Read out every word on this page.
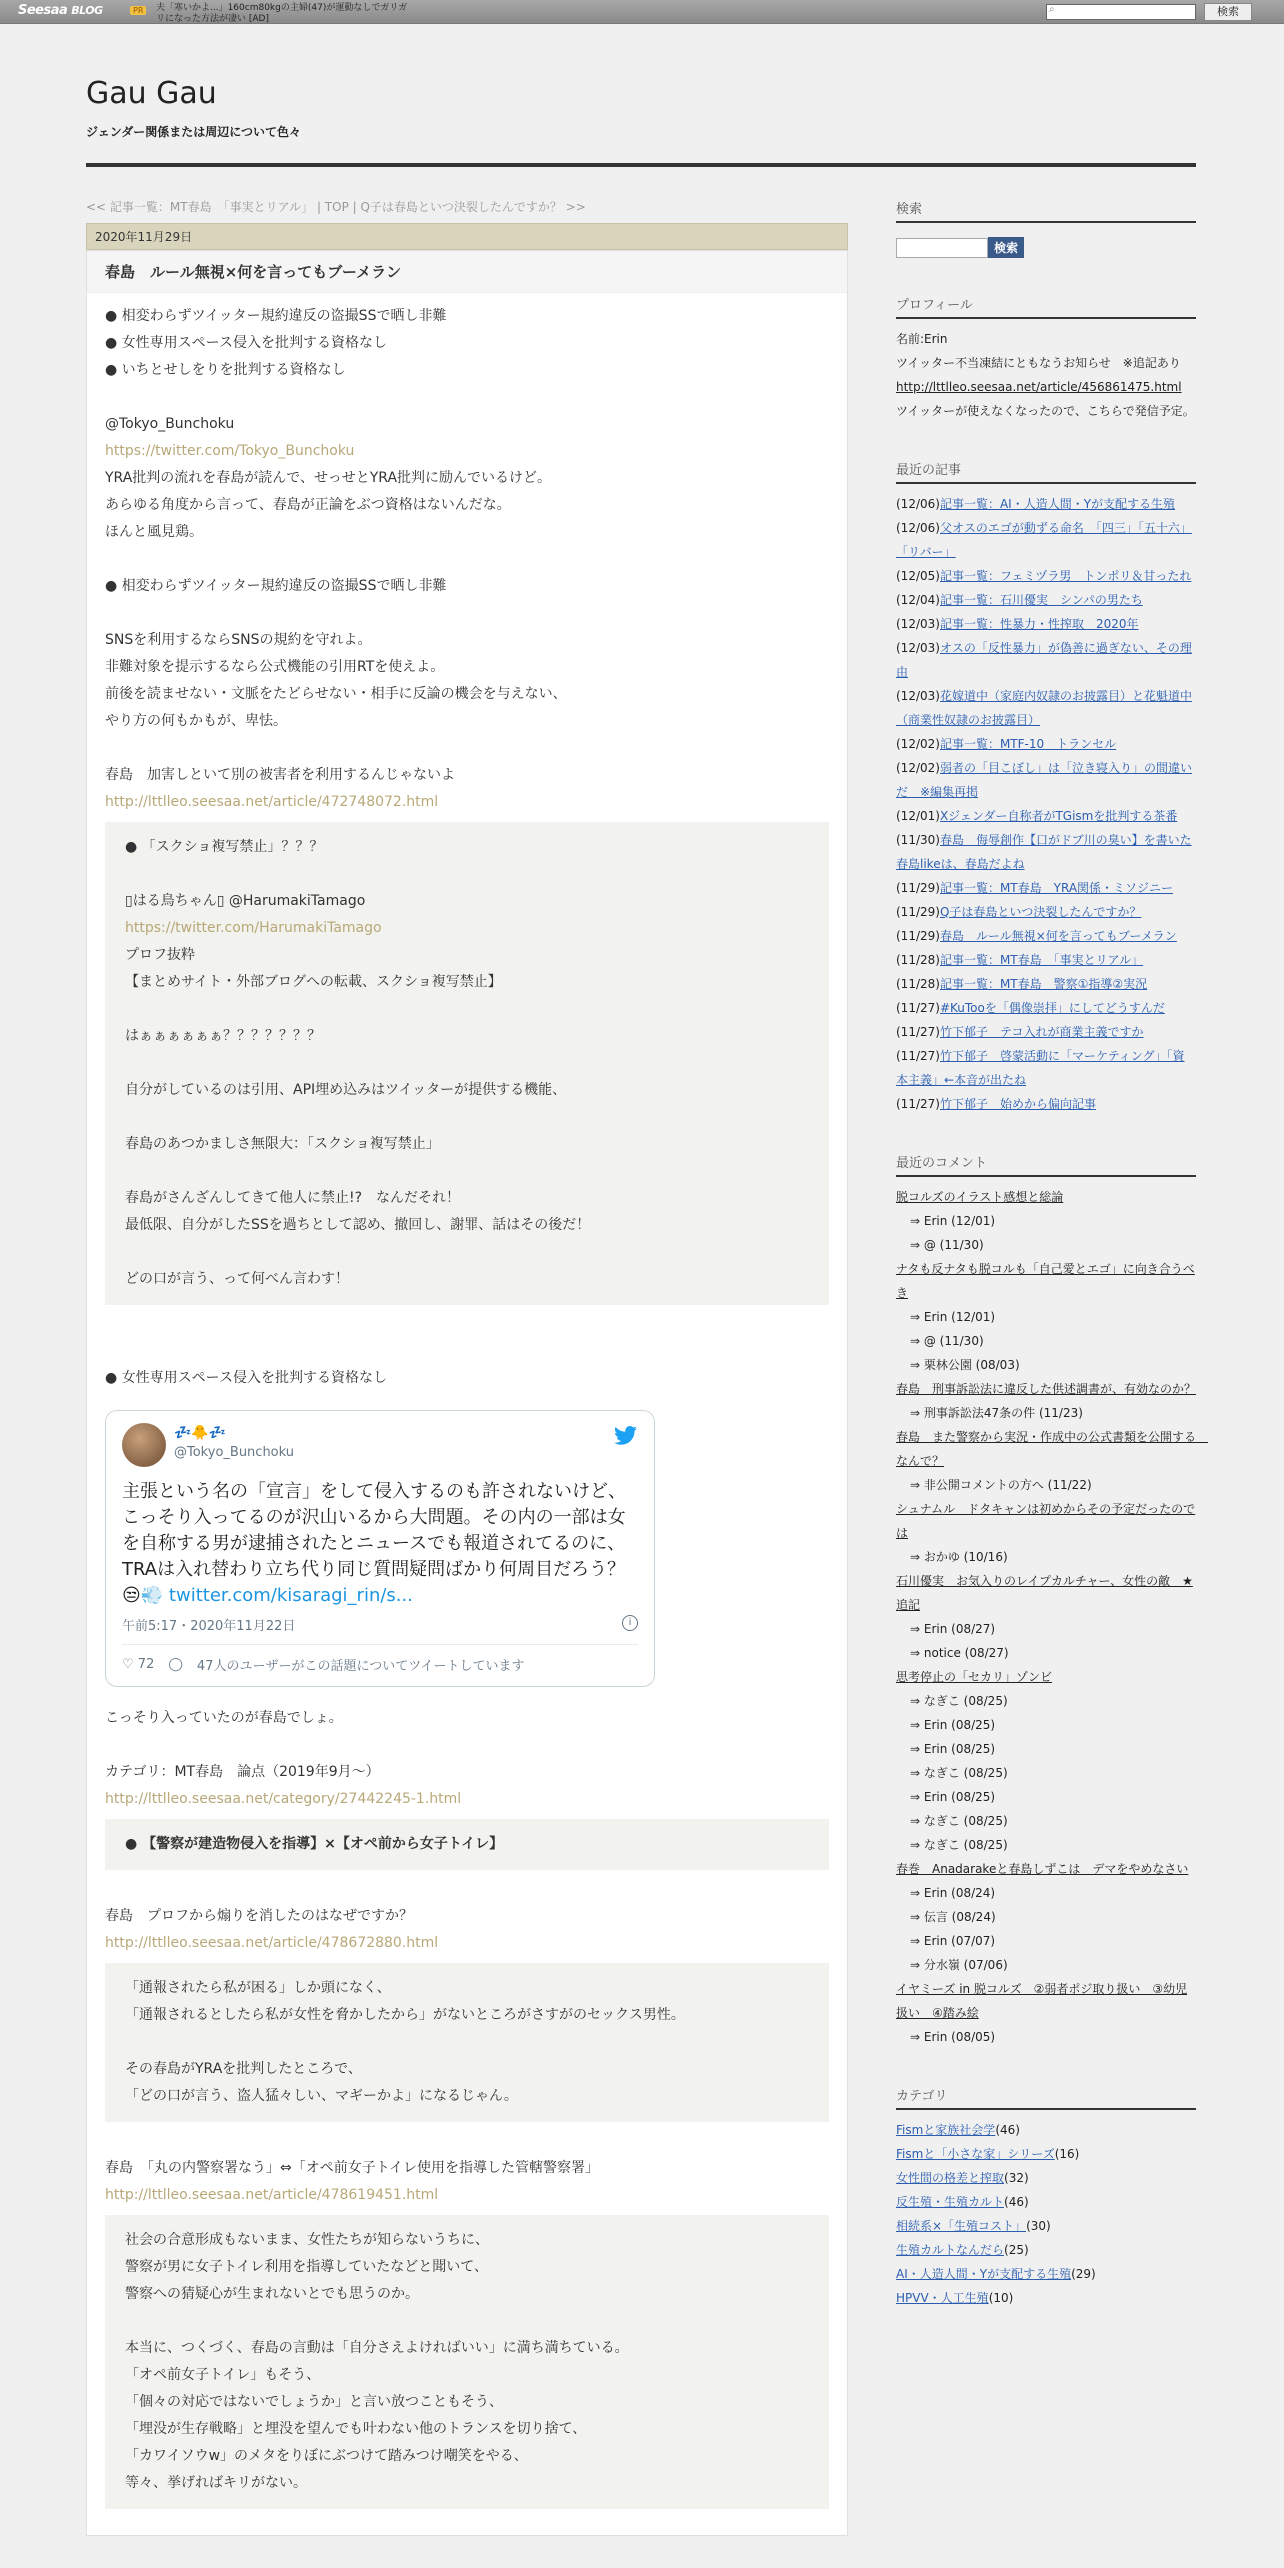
Seesaa BLOG	PR	夫「寒いかよ...」160cm80kgの主婦(47)が運動なしでガリガリになった方法が凄い [AD]
⌕	検索
Gau Gau
ジェンダー関係または周辺について色々
<< 記事一覧：MT春島　「事実とリアル」 | TOP | Q子は春島といつ決裂したんですか？ >>
2020年11月29日
春島　ルール無視×何を言ってもブーメラン
● 相変わらずツイッター規約違反の盗撮SSで晒し非難
● 女性専用スペース侵入を批判する資格なし
● いちとせしをりを批判する資格なし
@Tokyo_Bunchoku
https://twitter.com/Tokyo_Bunchoku
YRA批判の流れを春島が読んで、せっせとYRA批判に励んでいるけど。
あらゆる角度から言って、春島が正論をぶつ資格はないんだな。
ほんと風見鶏。
● 相変わらずツイッター規約違反の盗撮SSで晒し非難
SNSを利用するならSNSの規約を守れよ。
非難対象を提示するなら公式機能の引用RTを使えよ。
前後を読ませない・文脈をたどらせない・相手に反論の機会を与えない、
やり方の何もかもが、卑怯。
春島　加害しといて別の被害者を利用するんじゃないよ
http://lttlleo.seesaa.net/article/472748072.html
● 「スクショ複写禁止」？？？

▯はる鳥ちゃん▯ @HarumakiTamago
https://twitter.com/HarumakiTamago
プロフ抜粋
【まとめサイト・外部ブログへの転載、スクショ複写禁止】

はぁぁぁぁぁぁ？？？？？？？

自分がしているのは引用、API埋め込みはツイッターが提供する機能、

春島のあつかましさ無限大：「スクショ複写禁止」

春島がさんざんしてきて他人に禁止!?　なんだそれ！
最低限、自分がしたSSを過ちとして認め、撤回し、謝罪、話はその後だ！

どの口が言う、って何べん言わす！
● 女性専用スペース侵入を批判する資格なし
💤🐥💤
@Tokyo_Bunchoku
主張という名の「宣言」をして侵入するのも許されないけど、こっそり入ってるのが沢山いるから大問題。その内の一部は女を自称する男が逮捕されたとニュースでも報道されてるのに、TRAは入れ替わり立ち代り同じ質問疑問ばかり何周目だろう？😒💨 twitter.com/kisaragi_rin/s...
午前5:17・2020年11月22日	i
♡ 72 ◯ 47人のユーザーがこの話題についてツイートしています
こっそり入っていたのが春島でしょ。
カテゴリ：MT春島　論点（2019年9月～）
http://lttlleo.seesaa.net/category/27442245-1.html
● 【警察が建造物侵入を指導】×【オペ前から女子トイレ】
春島　プロフから煽りを消したのはなぜですか？
http://lttlleo.seesaa.net/article/478672880.html
「通報されたら私が困る」しか頭になく、
「通報されるとしたら私が女性を脅かしたから」がないところがさすがのセックス男性。

その春島がYRAを批判したところで、
「どの口が言う、盗人猛々しい、マギーかよ」になるじゃん。
春島　「丸の内警察署なう」⇔「オペ前女子トイレ使用を指導した管轄警察署」
http://lttlleo.seesaa.net/article/478619451.html
社会の合意形成もないまま、女性たちが知らないうちに、
警察が男に女子トイレ利用を指導していたなどと聞いて、
警察への猜疑心が生まれないとでも思うのか。

本当に、つくづく、春島の言動は「自分さえよければいい」に満ち満ちている。
「オペ前女子トイレ」もそう、
「個々の対応ではないでしょうか」と言い放つこともそう、
「埋没が生存戦略」と埋没を望んでも叶わない他のトランスを切り捨て、
「カワイソウw」のメタをりぼにぶつけて踏みつけ嘲笑をやる、
等々、挙げればキリがない。
検索
検索
プロフィール
名前:Erin
ツイッター不当凍結にともなうお知らせ　※追記あり
http://lttlleo.seesaa.net/article/456861475.html
ツイッターが使えなくなったので、こちらで発信予定。
最近の記事
(12/06)記事一覧：AI・人造人間・Yが支配する生殖
(12/06)父オスのエゴが動ずる命名　「四三」「五十六」「リバー」
(12/05)記事一覧：フェミヅラ男　トンポリ＆甘ったれ
(12/04)記事一覧：石川優実　シンパの男たち
(12/03)記事一覧：性暴力・性搾取　2020年
(12/03)オスの「反性暴力」が偽善に過ぎない、その理由
(12/03)花嫁道中（家庭内奴隷のお披露目）と花魁道中（商業性奴隷のお披露目）
(12/02)記事一覧：MTF-10　トランセル
(12/02)弱者の「目こぼし」は「泣き寝入り」の間違いだ　※編集再掲
(12/01)Xジェンダー自称者がTGismを批判する茶番
(11/30)春島　侮辱創作【口がドブ川の臭い】を書いた春島likeは、春島だよね
(11/29)記事一覧：MT春島　YRA関係・ミソジニー
(11/29)Q子は春島といつ決裂したんですか？
(11/29)春島　ルール無視×何を言ってもブーメラン
(11/28)記事一覧：MT春島　「事実とリアル」
(11/28)記事一覧：MT春島　警察①指導②実況
(11/27)#KuTooを「偶像崇拝」にしてどうすんだ
(11/27)竹下郁子　テコ入れが商業主義ですか
(11/27)竹下郁子　啓蒙活動に「マーケティング」「資本主義」←本音が出たね
(11/27)竹下郁子　始めから偏向記事
最近のコメント
脱コルズのイラスト感想と総論
⇒ Erin (12/01)
⇒ @ (11/30)
ナタも反ナタも脱コルも「自己愛とエゴ」に向き合うべき
⇒ Erin (12/01)
⇒ @ (11/30)
⇒ 栗林公園 (08/03)
春島　刑事訴訟法に違反した供述調書が、有効なのか？
⇒ 刑事訴訟法47条の件 (11/23)
春島　また警察から実況・作成中の公式書類を公開する　なんで？
⇒ 非公開コメントの方へ (11/22)
シュナムル　ドタキャンは初めからその予定だったのでは
⇒ おかゆ (10/16)
石川優実　お気入りのレイプカルチャー、女性の敵　★追記
⇒ Erin (08/27)
⇒ notice (08/27)
思考停止の「セカリ」ゾンビ
⇒ なぎこ (08/25)
⇒ Erin (08/25)
⇒ Erin (08/25)
⇒ なぎこ (08/25)
⇒ Erin (08/25)
⇒ なぎこ (08/25)
⇒ なぎこ (08/25)
春巻　Anadarakeと春島しずこは　デマをやめなさい
⇒ Erin (08/24)
⇒ 伝言 (08/24)
⇒ Erin (07/07)
⇒ 分水嶺 (07/06)
イヤミーズ in 脱コルズ　②弱者ポジ取り扱い　③幼児扱い　④踏み絵
⇒ Erin (08/05)
カテゴリ
Fismと家族社会学(46)
Fismと「小さな家」シリーズ(16)
女性間の格差と搾取(32)
反生殖・生殖カルト(46)
相続系×「生殖コスト」(30)
生殖カルトなんだら(25)
AI・人造人間・Yが支配する生殖(29)
HPVV・人工生殖(10)
